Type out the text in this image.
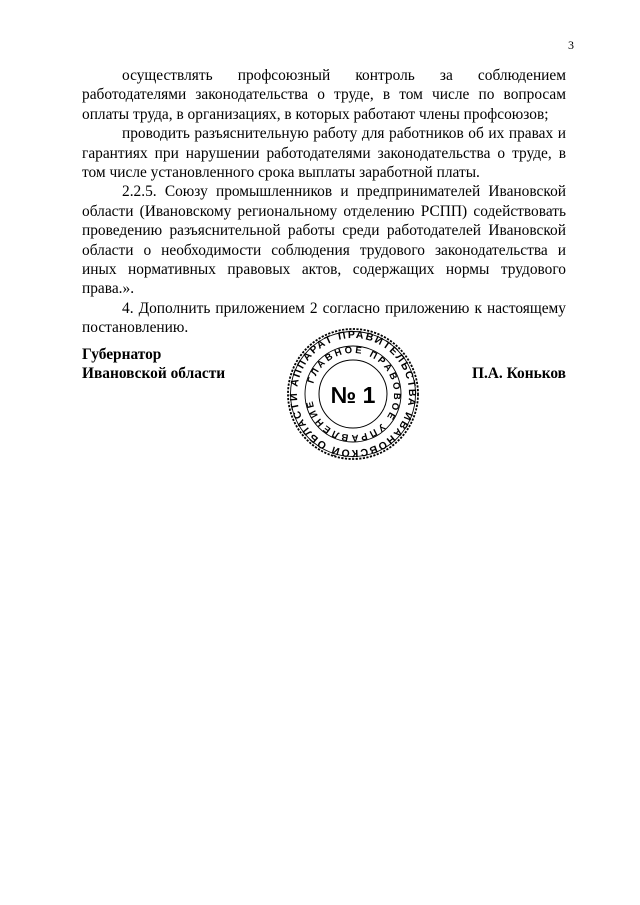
3

осуществлять профсоюзный контроль за соблюдением работодателями законодательства о труде, в том числе по вопросам оплаты труда, в организациях, в которых работают члены профсоюзов;

проводить разъяснительную работу для работников об их правах и гарантиях при нарушении работодателями законодательства о труде, в том числе установленного срока выплаты заработной платы.

2.2.5. Союзу промышленников и предпринимателей Ивановской области (Ивановскому региональному отделению РСПП) содействовать проведению разъяснительной работы среди работодателей Ивановской области о необходимости соблюдения трудового законодательства и иных нормативных правовых актов, содержащих нормы трудового права.».

4. Дополнить приложением 2 согласно приложению к настоящему постановлению.

Губернатор
Ивановской области	П.А. Коньков
АППАРАТ ПРАВИТЕЛЬСТВА ИВАНОВСКОЙ ОБЛАСТИ
ГЛАВНОЕ ПРАВОВОЕ УПРАВЛЕНИЕ № 1
